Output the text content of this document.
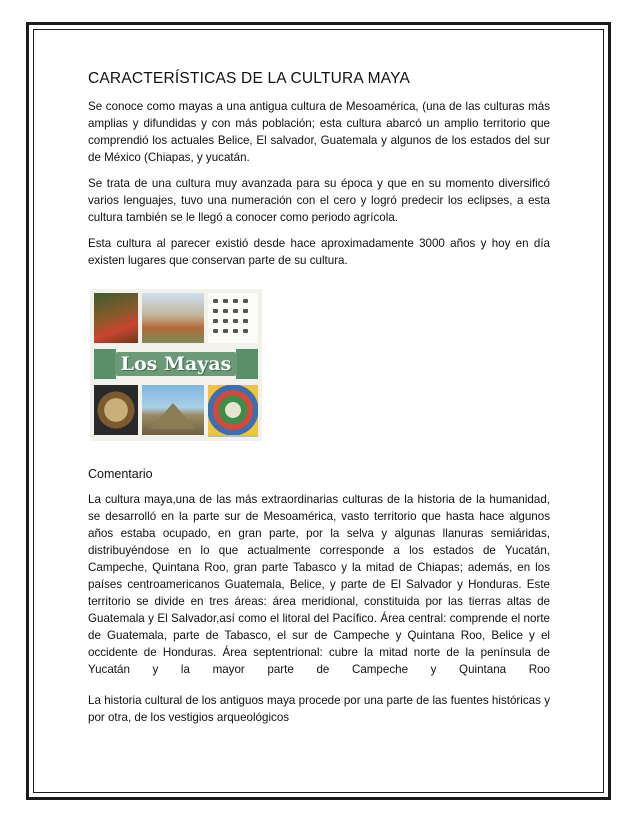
CARACTERÍSTICAS DE LA CULTURA MAYA

Se conoce como mayas a una antigua cultura de Mesoamérica, (una de las culturas más amplias y difundidas y con más población; esta cultura abarcó un amplio territorio que comprendió los actuales Belice, El salvador, Guatemala y algunos de los estados del sur de México (Chiapas, y yucatán.

Se trata de una cultura muy avanzada para su época y que en su momento diversificó varios lenguajes, tuvo una numeración con el cero y logró predecir los eclipses, a esta cultura también se le llegó a conocer como periodo agrícola.

Esta cultura al parecer existió desde hace aproximadamente 3000 años y hoy en día existen lugares que conservan parte de su cultura.

Los Mayas
Comentario

La cultura maya,una de las más extraordinarias culturas de la historia de la humanidad, se desarrolló en la parte sur de Mesoamérica, vasto territorio que hasta hace algunos años estaba ocupado, en gran parte, por la selva y algunas llanuras semiáridas, distribuyéndose en lo que actualmente corresponde a los estados de Yucatán, Campeche, Quintana Roo, gran parte Tabasco y la mitad de Chiapas; además, en los países centroamericanos Guatemala, Belice, y parte de El Salvador y Honduras. Este territorio se divide en tres áreas: área meridional, constituida por las tierras altas de Guatemala y El Salvador,así como el litoral del Pacífico. Área central: comprende el norte de Guatemala, parte de Tabasco, el sur de Campeche y Quintana Roo, Belice y el occidente de Honduras. Área septentrional: cubre la mitad norte de la península de Yucatán y la mayor parte de Campeche y Quintana Roo

La historia cultural de los antiguos maya procede por una parte de las fuentes históricas y por otra, de los vestigios arqueológicos
